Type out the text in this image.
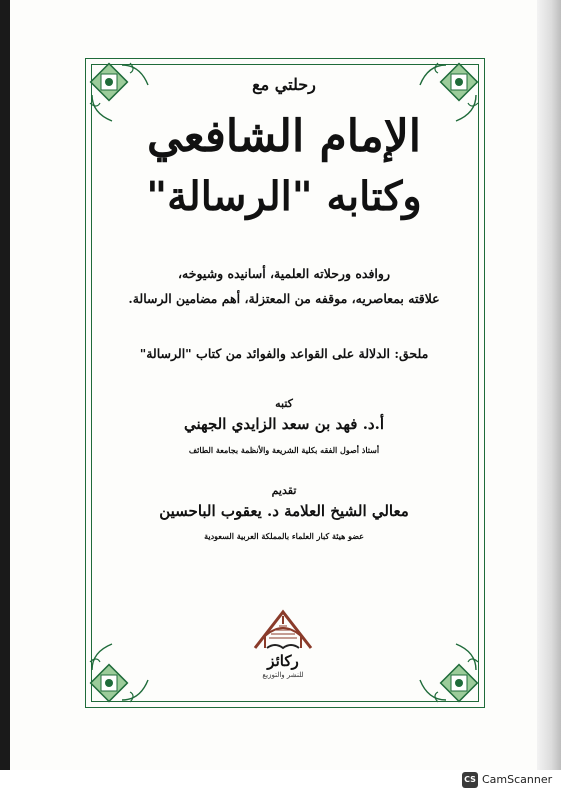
رحلتي مع
الإمام الشافعي
وكتابه "الرسالة"
روافده ورحلاته العلمية، أسانيده وشيوخه،
علاقته بمعاصريه، موقفه من المعتزلة، أهم مضامين الرسالة.
ملحق: الدلالة على القواعد والفوائد من كتاب "الرسالة"
كتبه
أ.د. فهد بن سعد الزايدي الجهني
أستاذ أصول الفقه بكلية الشريعة والأنظمة بجامعة الطائف
تقديم
معالي الشيخ العلامة د. يعقوب الباحسين
عضو هيئة كبار العلماء بالمملكة العربية السعودية
ركائز
للنشر والتوزيع
CS CamScanner
